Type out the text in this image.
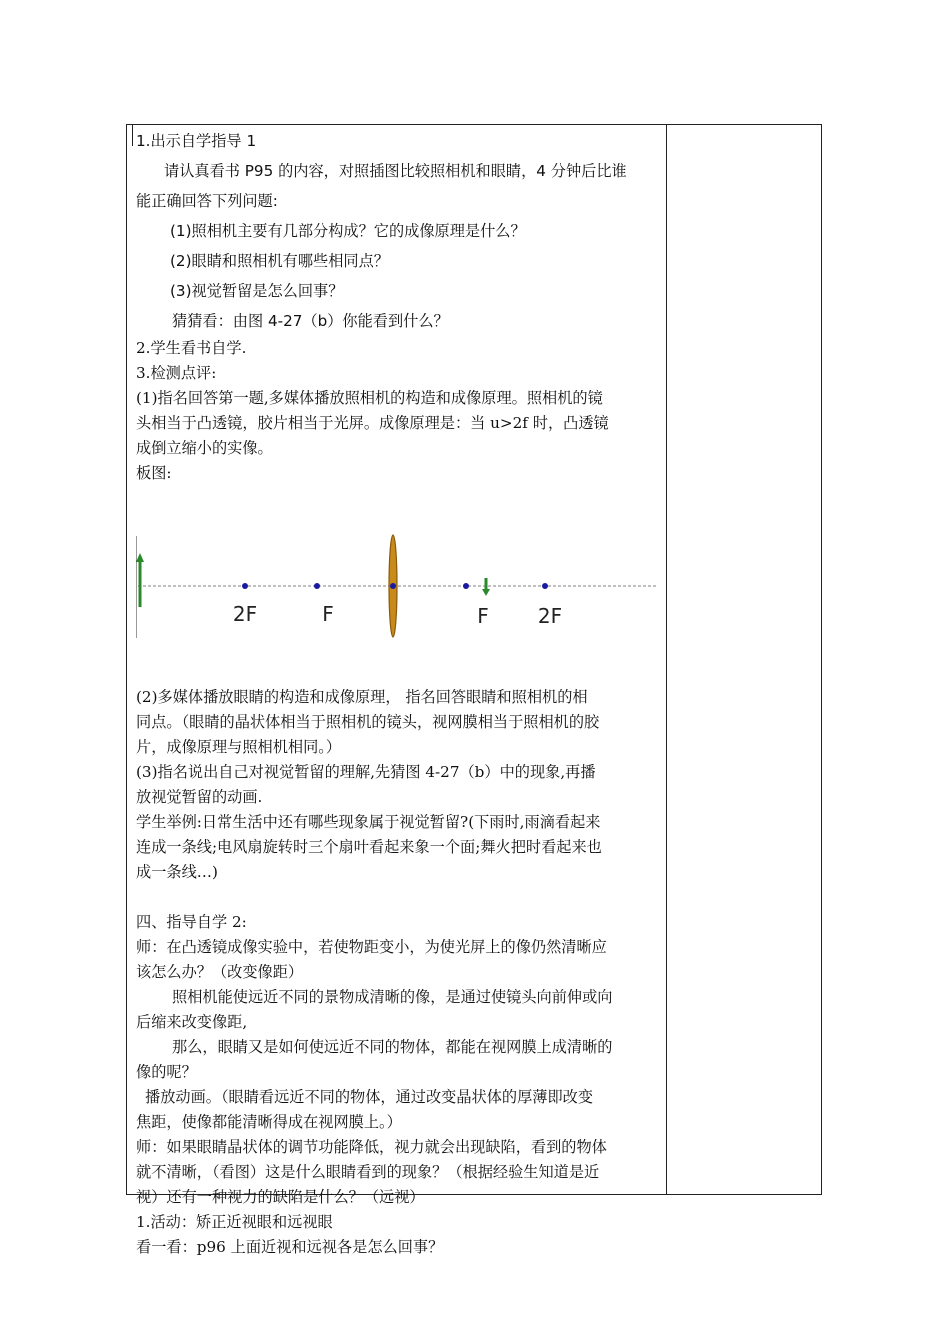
1.出示自学指导 1

请认真看书 P95 的内容，对照插图比较照相机和眼睛，4 分钟后比谁

能正确回答下列问题:

(1)照相机主要有几部分构成？它的成像原理是什么？

(2)眼睛和照相机有哪些相同点？

(3)视觉暂留是怎么回事？

猜猜看：由图 4-27（b）你能看到什么？

2.学生看书自学.

3.检测点评:

(1)指名回答第一题,多媒体播放照相机的构造和成像原理。照相机的镜

头相当于凸透镜，胶片相当于光屏。成像原理是：当 u>2f 时，凸透镜

成倒立缩小的实像。

板图:

2F	F	F 2F

(2)多媒体播放眼睛的构造和成像原理， 指名回答眼睛和照相机的相

同点。（眼睛的晶状体相当于照相机的镜头，视网膜相当于照相机的胶

片，成像原理与照相机相同。）

(3)指名说出自己对视觉暂留的理解,先猜图 4-27（b）中的现象,再播

放视觉暂留的动画.

学生举例:日常生活中还有哪些现象属于视觉暂留?(下雨时,雨滴看起来

连成一条线;电风扇旋转时三个扇叶看起来象一个面;舞火把时看起来也

成一条线…)

四、指导自学 2:

师：在凸透镜成像实验中，若使物距变小，为使光屏上的像仍然清晰应

该怎么办？（改变像距）

照相机能使远近不同的景物成清晰的像，是通过使镜头向前伸或向

后缩来改变像距,

那么，眼睛又是如何使远近不同的物体，都能在视网膜上成清晰的

像的呢？

播放动画。（眼睛看远近不同的物体，通过改变晶状体的厚薄即改变

焦距，使像都能清晰得成在视网膜上。）

师：如果眼睛晶状体的调节功能降低，视力就会出现缺陷，看到的物体

就不清晰，（看图）这是什么眼睛看到的现象？（根据经验生知道是近

视）还有一种视力的缺陷是什么？（远视）

1.活动：矫正近视眼和远视眼

看一看：p96 上面近视和远视各是怎么回事？
